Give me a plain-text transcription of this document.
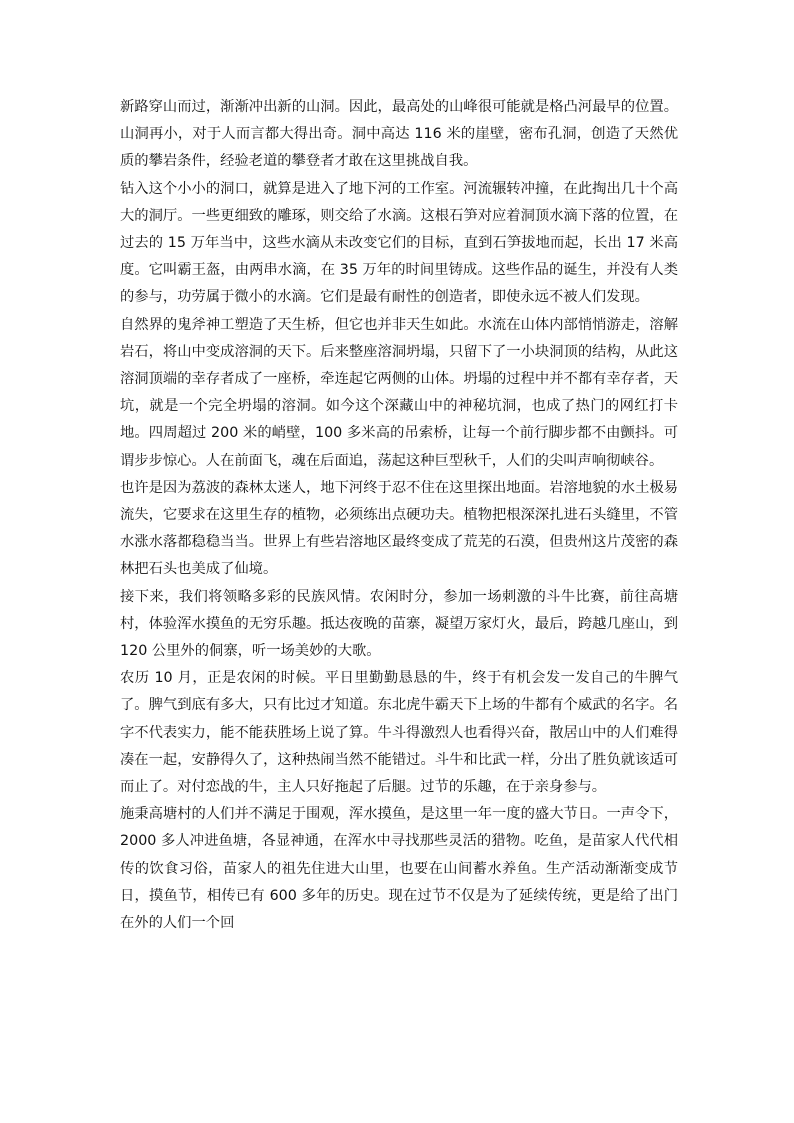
新路穿山而过，渐渐冲出新的山洞。因此，最高处的山峰很可能就是格凸河最早的位置。山洞再小，对于人而言都大得出奇。洞中高达 116 米的崖壁，密布孔洞，创造了天然优质的攀岩条件，经验老道的攀登者才敢在这里挑战自我。

钻入这个小小的洞口，就算是进入了地下河的工作室。河流辗转冲撞，在此掏出几十个高大的洞厅。一些更细致的雕琢，则交给了水滴。这根石笋对应着洞顶水滴下落的位置，在过去的 15 万年当中，这些水滴从未改变它们的目标，直到石笋拔地而起，长出 17 米高度。它叫霸王盔，由两串水滴，在 35 万年的时间里铸成。这些作品的诞生，并没有人类的参与，功劳属于微小的水滴。它们是最有耐性的创造者，即使永远不被人们发现。

自然界的鬼斧神工塑造了天生桥，但它也并非天生如此。水流在山体内部悄悄游走，溶解岩石，将山中变成溶洞的天下。后来整座溶洞坍塌，只留下了一小块洞顶的结构，从此这溶洞顶端的幸存者成了一座桥，牵连起它两侧的山体。坍塌的过程中并不都有幸存者，天坑，就是一个完全坍塌的溶洞。如今这个深藏山中的神秘坑洞，也成了热门的网红打卡地。四周超过 200 米的峭壁，100 多米高的吊索桥，让每一个前行脚步都不由颤抖。可谓步步惊心。人在前面飞，魂在后面追，荡起这种巨型秋千，人们的尖叫声响彻峡谷。

也许是因为荔波的森林太迷人，地下河终于忍不住在这里探出地面。岩溶地貌的水土极易流失，它要求在这里生存的植物，必须练出点硬功夫。植物把根深深扎进石头缝里，不管水涨水落都稳稳当当。世界上有些岩溶地区最终变成了荒芜的石漠，但贵州这片茂密的森林把石头也美成了仙境。

接下来，我们将领略多彩的民族风情。农闲时分，参加一场刺激的斗牛比赛，前往高塘村，体验浑水摸鱼的无穷乐趣。抵达夜晚的苗寨，凝望万家灯火，最后，跨越几座山，到 120 公里外的侗寨，听一场美妙的大歌。

农历 10 月，正是农闲的时候。平日里勤勤恳恳的牛，终于有机会发一发自己的牛脾气了。脾气到底有多大，只有比过才知道。东北虎牛霸天下上场的牛都有个威武的名字。名字不代表实力，能不能获胜场上说了算。牛斗得激烈人也看得兴奋，散居山中的人们难得凑在一起，安静得久了，这种热闹当然不能错过。斗牛和比武一样，分出了胜负就该适可而止了。对付恋战的牛，主人只好拖起了后腿。过节的乐趣，在于亲身参与。

施秉高塘村的人们并不满足于围观，浑水摸鱼，是这里一年一度的盛大节日。一声令下，2000 多人冲进鱼塘，各显神通，在浑水中寻找那些灵活的猎物。吃鱼，是苗家人代代相传的饮食习俗，苗家人的祖先住进大山里，也要在山间蓄水养鱼。生产活动渐渐变成节日，摸鱼节，相传已有 600 多年的历史。现在过节不仅是为了延续传统，更是给了出门在外的人们一个回
